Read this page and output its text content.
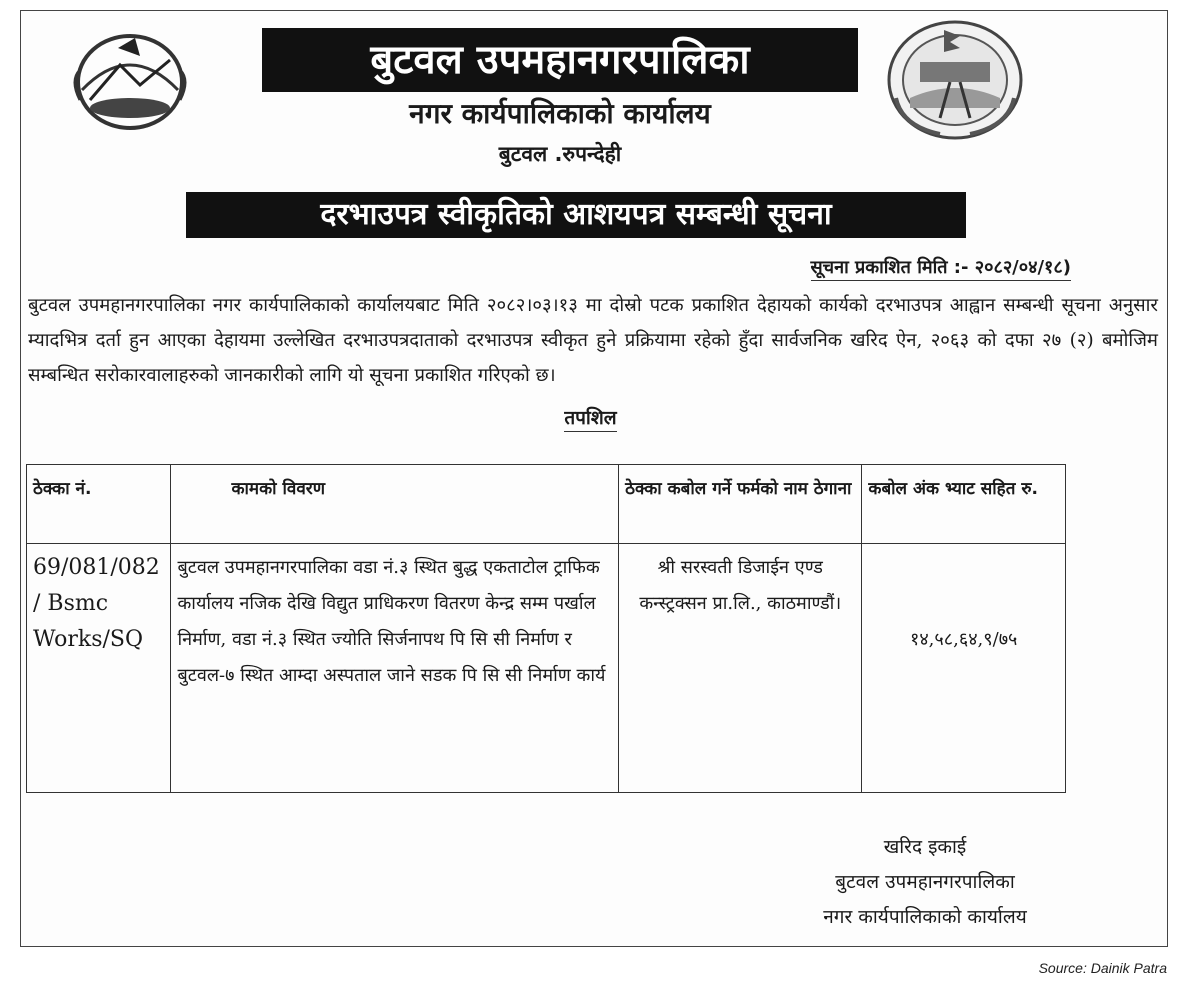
बुटवल उपमहानगरपालिका
नगर कार्यपालिकाको कार्यालय
बुटवल .रुपन्देही
दरभाउपत्र स्वीकृतिको आशयपत्र सम्बन्धी सूचना
सूचना प्रकाशित मिति :- २०८२/०४/१८)
बुटवल उपमहानगरपालिका नगर कार्यपालिकाको कार्यालयबाट मिति २०८२।०३।१३ मा दोस्रो पटक प्रकाशित देहायको कार्यको दरभाउपत्र आह्वान सम्बन्धी सूचना अनुसार म्यादभित्र दर्ता हुन आएका देहायमा उल्लेखित दरभाउपत्रदाताको दरभाउपत्र स्वीकृत हुने प्रक्रियामा रहेको हुँदा सार्वजनिक खरिद ऐन, २०६३ को दफा २७ (२) बमोजिम सम्बन्धित सरोकारवालाहरुको जानकारीको लागि यो सूचना प्रकाशित गरिएको छ।
तपशिल
ठेक्का नं.	कामको विवरण	ठेक्का कबोल गर्ने फर्मको नाम ठेगाना	कबोल अंक भ्याट सहित रु.
69/081/082 / Bsmc Works/SQ	बुटवल उपमहानगरपालिका वडा नं.३ स्थित बुद्ध एकताटोल ट्राफिक कार्यालय नजिक देखि विद्युत प्राधिकरण वितरण केन्द्र सम्म पर्खाल निर्माण, वडा नं.३ स्थित ज्योति सिर्जनापथ पि सि सी निर्माण र बुटवल-७ स्थित आम्दा अस्पताल जाने सडक पि सि सी निर्माण कार्य	श्री सरस्वती डिजाईन एण्ड कन्स्ट्रक्सन प्रा.लि., काठमाण्डौं।	१४,५८,६४,९/७५
खरिद इकाई
बुटवल उपमहानगरपालिका
नगर कार्यपालिकाको कार्यालय
Source: Dainik Patra
